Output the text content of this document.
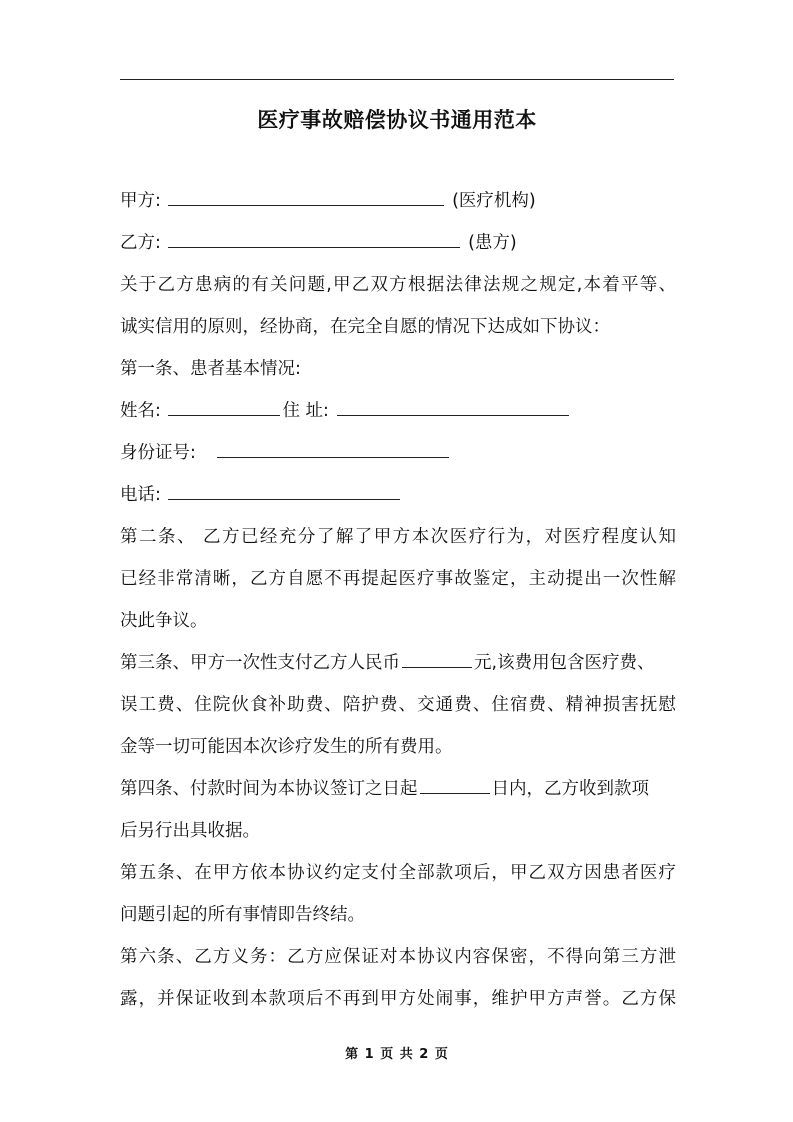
医疗事故赔偿协议书通用范本
甲方:	(医疗机构)
乙方:	(患方)
关于乙方患病的有关问题,甲乙双方根据法律法规之规定,本着平等、
诚实信用的原则，经协商，在完全自愿的情况下达成如下协议：
第一条、患者基本情况:
姓名:	住 址:
身份证号:
电话:
第二条、 乙方已经充分了解了甲方本次医疗行为，对医疗程度认知
已经非常清晰，乙方自愿不再提起医疗事故鉴定，主动提出一次性解
决此争议。
第三条、甲方一次性支付乙方人民币	元,该费用包含医疗费、
误工费、住院伙食补助费、陪护费、交通费、住宿费、精神损害抚慰
金等一切可能因本次诊疗发生的所有费用。
第四条、付款时间为本协议签订之日起	日内，乙方收到款项
后另行出具收据。
第五条、在甲方依本协议约定支付全部款项后，甲乙双方因患者医疗
问题引起的所有事情即告终结。
第六条、乙方义务：乙方应保证对本协议内容保密，不得向第三方泄
露，并保证收到本款项后不再到甲方处闹事，维护甲方声誉。乙方保
第 1 页 共 2 页
